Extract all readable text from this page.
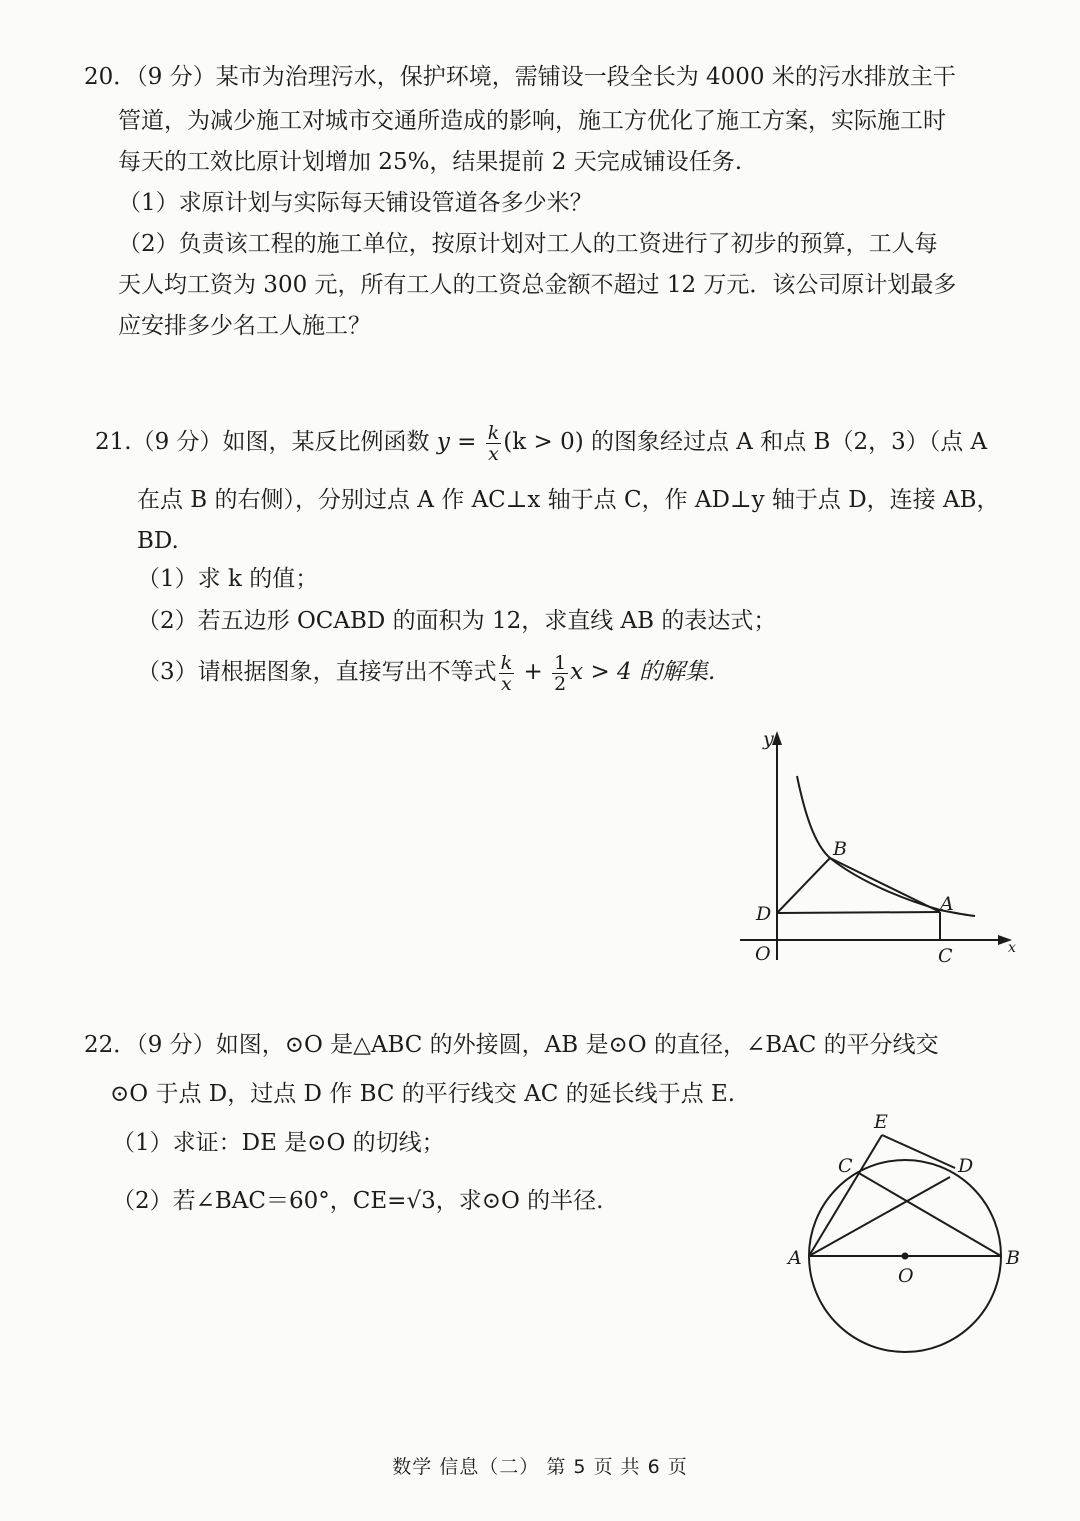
20．（9 分）某市为治理污水，保护环境，需铺设一段全长为 4000 米的污水排放主干
管道，为减少施工对城市交通所造成的影响，施工方优化了施工方案，实际施工时
每天的工效比原计划增加 25%，结果提前 2 天完成铺设任务.
（1）求原计划与实际每天铺设管道各多少米？
（2）负责该工程的施工单位，按原计划对工人的工资进行了初步的预算，工人每
天人均工资为 300 元，所有工人的工资总金额不超过 12 万元．该公司原计划最多
应安排多少名工人施工？
21.（9 分）如图，某反比例函数 $y = \frac{k}{x} (k > 0)$ 的图象经过点 A 和点 B（2，3）（点 A
在点 B 的右侧），分别过点 A 作 AC⊥x 轴于点 C，作 AD⊥y 轴于点 D，连接 AB，
BD.
（1）求 k 的值；
（2）若五边形 OCABD 的面积为 12，求直线 AB 的表达式；
（3）请根据图象，直接写出不等式 $\frac{k}{x} + \frac{1}{2}$ x > 4 的解集.
y
x
O
B
D	A
C
E
C	D
A	B
O
22．（9 分）如图，⊙O 是△ABC 的外接圆，AB 是⊙O 的直径，∠BAC 的平分线交
⊙O 于点 D，过点 D 作 BC 的平行线交 AC 的延长线于点 E.
（1）求证：DE 是⊙O 的切线；
（2）若∠BAC＝60°，CE=√3，求⊙O 的半径.
数学 信息（二） 第 5 页 共 6 页
